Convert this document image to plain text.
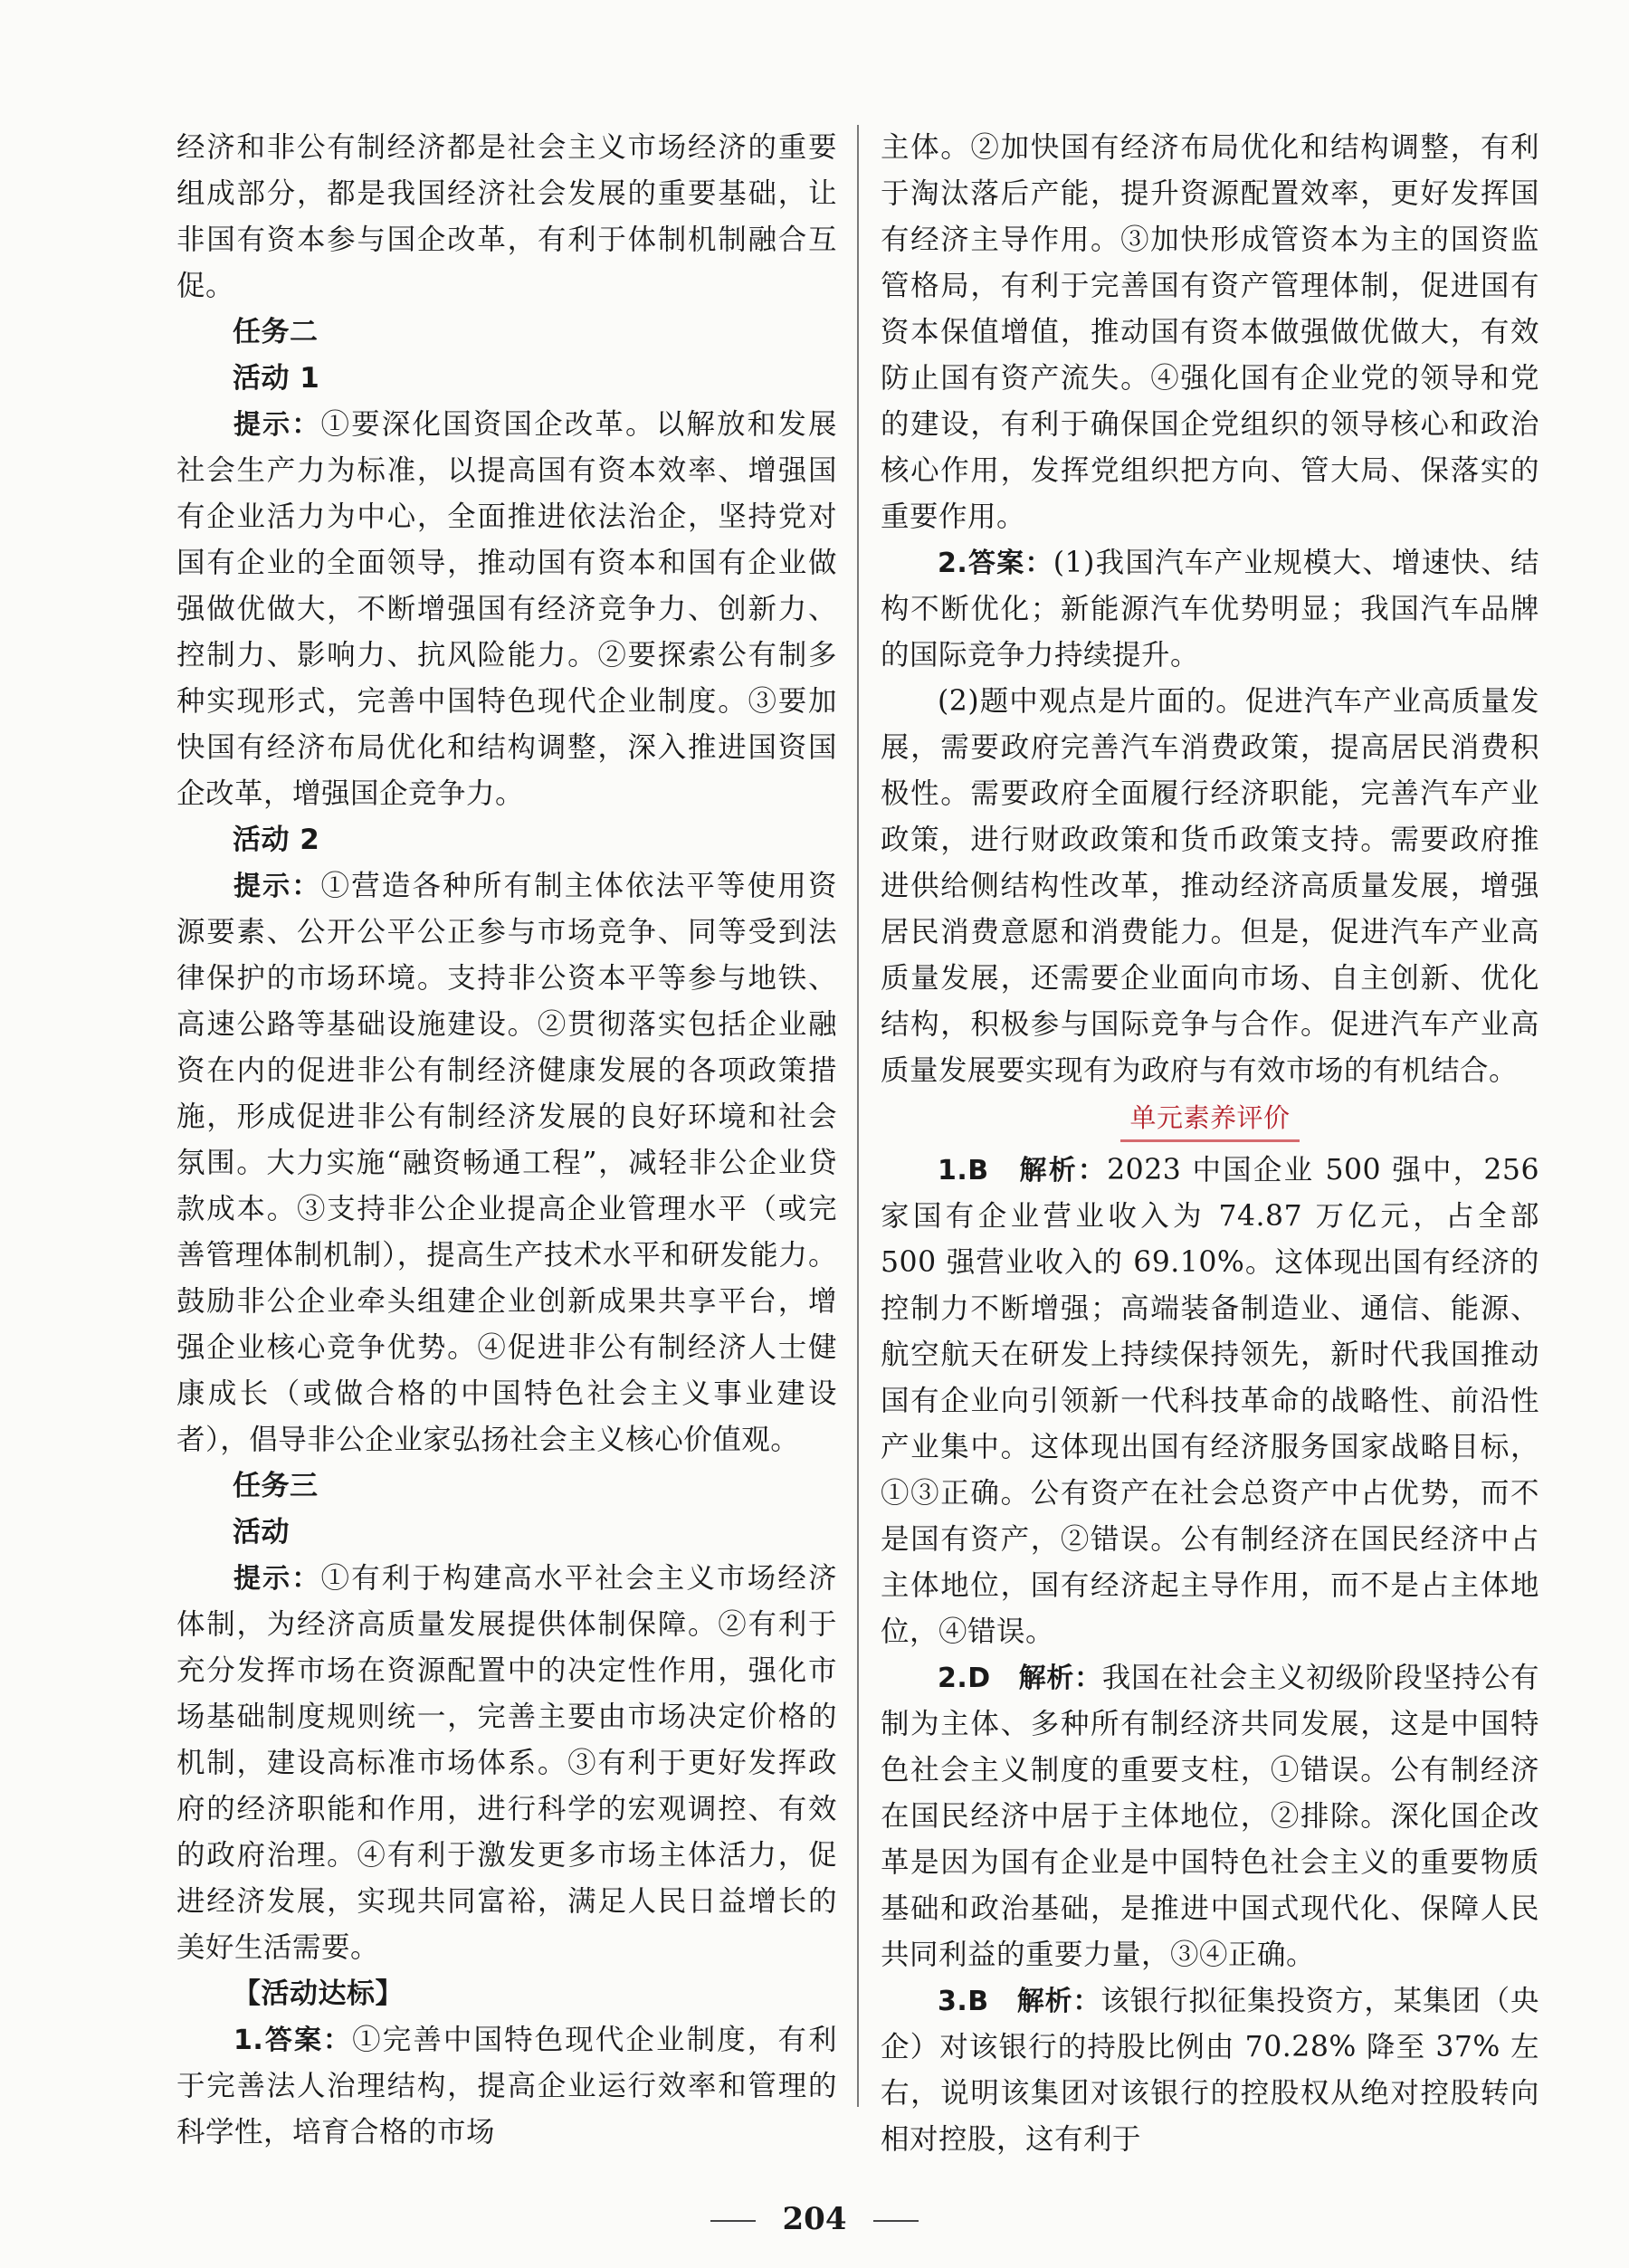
经济和非公有制经济都是社会主义市场经济的重要组成部分，都是我国经济社会发展的重要基础，让非国有资本参与国企改革，有利于体制机制融合互促。

任务二
活动 1

提示：①要深化国资国企改革。以解放和发展社会生产力为标准，以提高国有资本效率、增强国有企业活力为中心，全面推进依法治企，坚持党对国有企业的全面领导，推动国有资本和国有企业做强做优做大，不断增强国有经济竞争力、创新力、控制力、影响力、抗风险能力。②要探索公有制多种实现形式，完善中国特色现代企业制度。③要加快国有经济布局优化和结构调整，深入推进国资国企改革，增强国企竞争力。

活动 2

提示：①营造各种所有制主体依法平等使用资源要素、公开公平公正参与市场竞争、同等受到法律保护的市场环境。支持非公资本平等参与地铁、高速公路等基础设施建设。②贯彻落实包括企业融资在内的促进非公有制经济健康发展的各项政策措施，形成促进非公有制经济发展的良好环境和社会氛围。大力实施“融资畅通工程”，减轻非公企业贷款成本。③支持非公企业提高企业管理水平（或完善管理体制机制），提高生产技术水平和研发能力。鼓励非公企业牵头组建企业创新成果共享平台，增强企业核心竞争优势。④促进非公有制经济人士健康成长（或做合格的中国特色社会主义事业建设者），倡导非公企业家弘扬社会主义核心价值观。

任务三
活动

提示：①有利于构建高水平社会主义市场经济体制，为经济高质量发展提供体制保障。②有利于充分发挥市场在资源配置中的决定性作用，强化市场基础制度规则统一，完善主要由市场决定价格的机制，建设高标准市场体系。③有利于更好发挥政府的经济职能和作用，进行科学的宏观调控、有效的政府治理。④有利于激发更多市场主体活力，促进经济发展，实现共同富裕，满足人民日益增长的美好生活需要。

【活动达标】

1.答案：①完善中国特色现代企业制度，有利于完善法人治理结构，提高企业运行效率和管理的科学性，培育合格的市场

主体。②加快国有经济布局优化和结构调整，有利于淘汰落后产能，提升资源配置效率，更好发挥国有经济主导作用。③加快形成管资本为主的国资监管格局，有利于完善国有资产管理体制，促进国有资本保值增值，推动国有资本做强做优做大，有效防止国有资产流失。④强化国有企业党的领导和党的建设，有利于确保国企党组织的领导核心和政治核心作用，发挥党组织把方向、管大局、保落实的重要作用。

2.答案：(1)我国汽车产业规模大、增速快、结构不断优化；新能源汽车优势明显；我国汽车品牌的国际竞争力持续提升。

(2)题中观点是片面的。促进汽车产业高质量发展，需要政府完善汽车消费政策，提高居民消费积极性。需要政府全面履行经济职能，完善汽车产业政策，进行财政政策和货币政策支持。需要政府推进供给侧结构性改革，推动经济高质量发展，增强居民消费意愿和消费能力。但是，促进汽车产业高质量发展，还需要企业面向市场、自主创新、优化结构，积极参与国际竞争与合作。促进汽车产业高质量发展要实现有为政府与有效市场的有机结合。

单元素养评价

1.B　解析：2023 中国企业 500 强中，256 家国有企业营业收入为 74.87 万亿元，占全部 500 强营业收入的 69.10%。这体现出国有经济的控制力不断增强；高端装备制造业、通信、能源、航空航天在研发上持续保持领先，新时代我国推动国有企业向引领新一代科技革命的战略性、前沿性产业集中。这体现出国有经济服务国家战略目标，①③正确。公有资产在社会总资产中占优势，而不是国有资产，②错误。公有制经济在国民经济中占主体地位，国有经济起主导作用，而不是占主体地位，④错误。

2.D　解析：我国在社会主义初级阶段坚持公有制为主体、多种所有制经济共同发展，这是中国特色社会主义制度的重要支柱，①错误。公有制经济在国民经济中居于主体地位，②排除。深化国企改革是因为国有企业是中国特色社会主义的重要物质基础和政治基础，是推进中国式现代化、保障人民共同利益的重要力量，③④正确。

3.B　解析：该银行拟征集投资方，某集团（央企）对该银行的持股比例由 70.28% 降至 37% 左右，说明该集团对该银行的控股权从绝对控股转向相对控股，这有利于

204
